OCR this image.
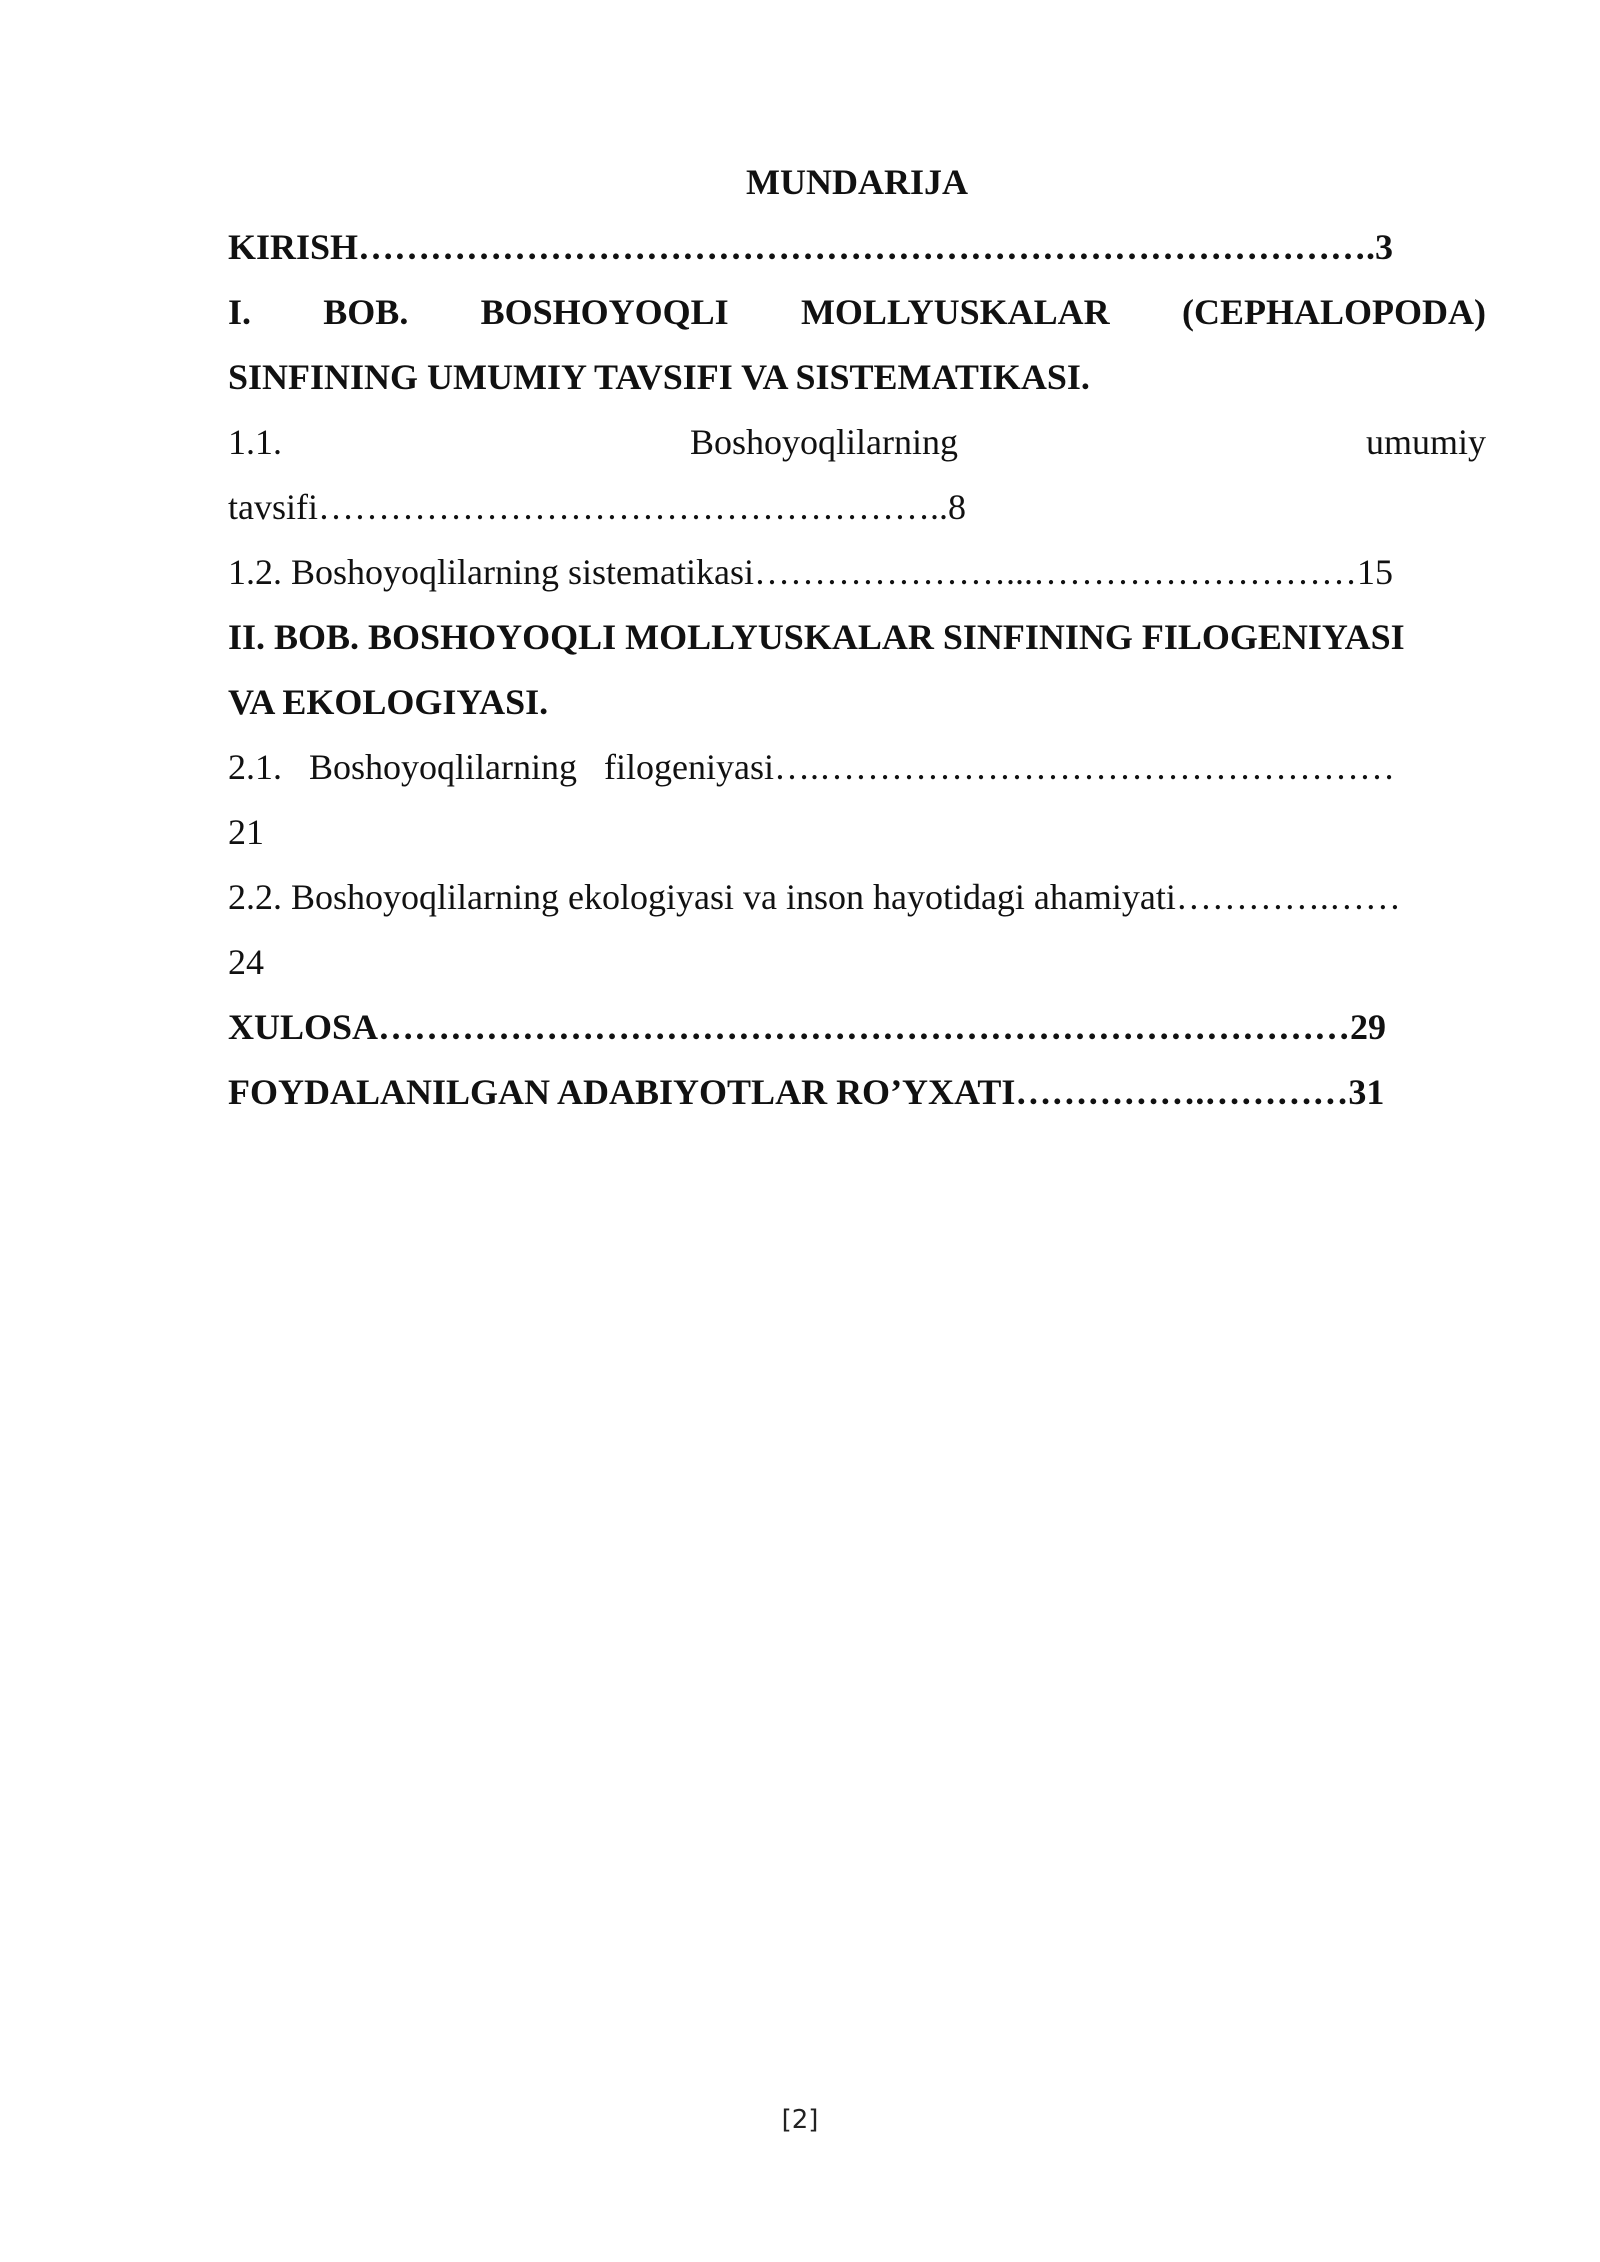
MUNDARIJA
KIRISH………………………………………………………………………….3
I. BOB. BOSHOYOQLI MOLLYUSKALAR (CEPHALOPODA)
SINFINING UMUMIY TAVSIFI VA SISTEMATIKASI.
1.1.	Boshoyoqlilarning	umumiy
tavsifi……………………………………………..8
1.2. Boshoyoqlilarning sistematikasi…………………...………………………15
II. BOB. BOSHOYOQLI MOLLYUSKALAR SINFINING FILOGENIYASI
VA EKOLOGIYASI.
2.1.   Boshoyoqlilarning   filogeniyasi….…………………………………………
21
2.2. Boshoyoqlilarning ekologiyasi va inson hayotidagi ahamiyati………….……
24
XULOSA………………………………………………………………………29
FOYDALANILGAN ADABIYOTLAR RO’YXATI…………….…………31
[2]
